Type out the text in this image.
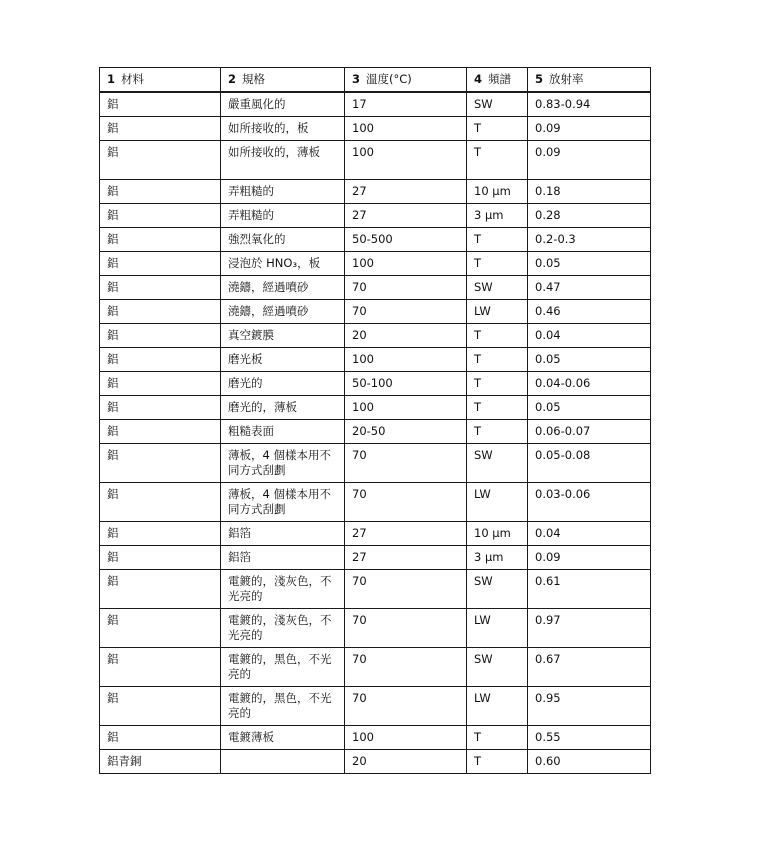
1 材料	2 規格	3 溫度(°C)	4 頻譜	5 放射率
鋁	嚴重風化的	17	SW	0.83-0.94
鋁	如所接收的，板	100	T	0.09
鋁	如所接收的，薄板	100	T	0.09
鋁	弄粗糙的	27	10 µm	0.18
鋁	弄粗糙的	27	3 µm	0.28
鋁	強烈氧化的	50-500	T	0.2-0.3
鋁	浸泡於 HNO₃，板	100	T	0.05
鋁	澆鑄，經過噴砂	70	SW	0.47
鋁	澆鑄，經過噴砂	70	LW	0.46
鋁	真空鍍膜	20	T	0.04
鋁	磨光板	100	T	0.05
鋁	磨光的	50-100	T	0.04-0.06
鋁	磨光的，薄板	100	T	0.05
鋁	粗糙表面	20-50	T	0.06-0.07
鋁	薄板，4 個樣本用不同方式刮劃	70	SW	0.05-0.08
鋁	薄板，4 個樣本用不同方式刮劃	70	LW	0.03-0.06
鋁	鋁箔	27	10 µm	0.04
鋁	鋁箔	27	3 µm	0.09
鋁	電鍍的，淺灰色，不光亮的	70	SW	0.61
鋁	電鍍的，淺灰色，不光亮的	70	LW	0.97
鋁	電鍍的，黑色，不光亮的	70	SW	0.67
鋁	電鍍的，黑色，不光亮的	70	LW	0.95
鋁	電鍍薄板	100	T	0.55
鋁青銅		20	T	0.60
